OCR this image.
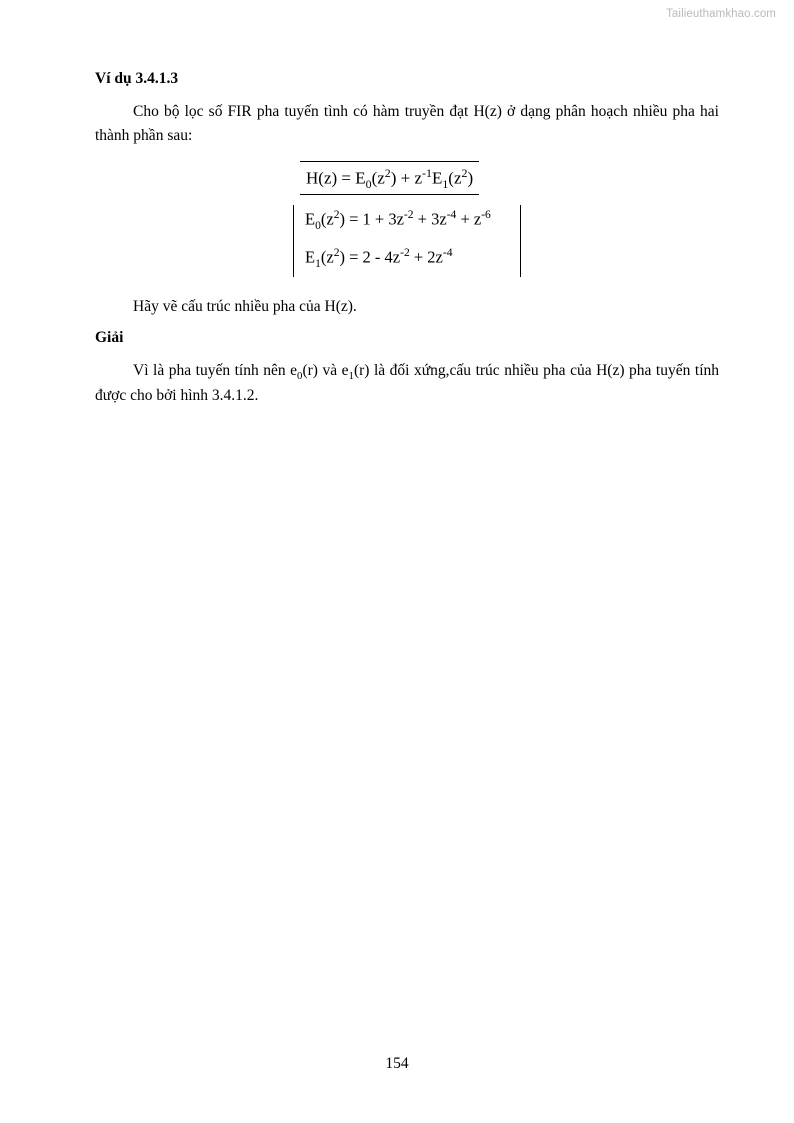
Tailieuthamkhao.com
Ví dụ 3.4.1.3

Cho bộ lọc số FIR pha tuyến tình có hàm truyền đạt H(z) ở dạng phân hoạch nhiều pha hai thành phần sau:

$H(z) = E_0(z^2) + z^{-1}E_1(z^2)$
$E_0(z^2) = 1 + 3z^{-2} + 3z^{-4} + z^{-6}$
$E_1(z^2) = 2 - 4z^{-2} + 2z^{-4}$

Hãy vẽ cấu trúc nhiều pha của H(z).

Giải

Vì là pha tuyến tính nên $e_0(r)$ và $e_1(r)$ là đối xứng,cấu trúc nhiều pha của H(z) pha tuyến tính được cho bởi hình 3.4.1.2.

154
